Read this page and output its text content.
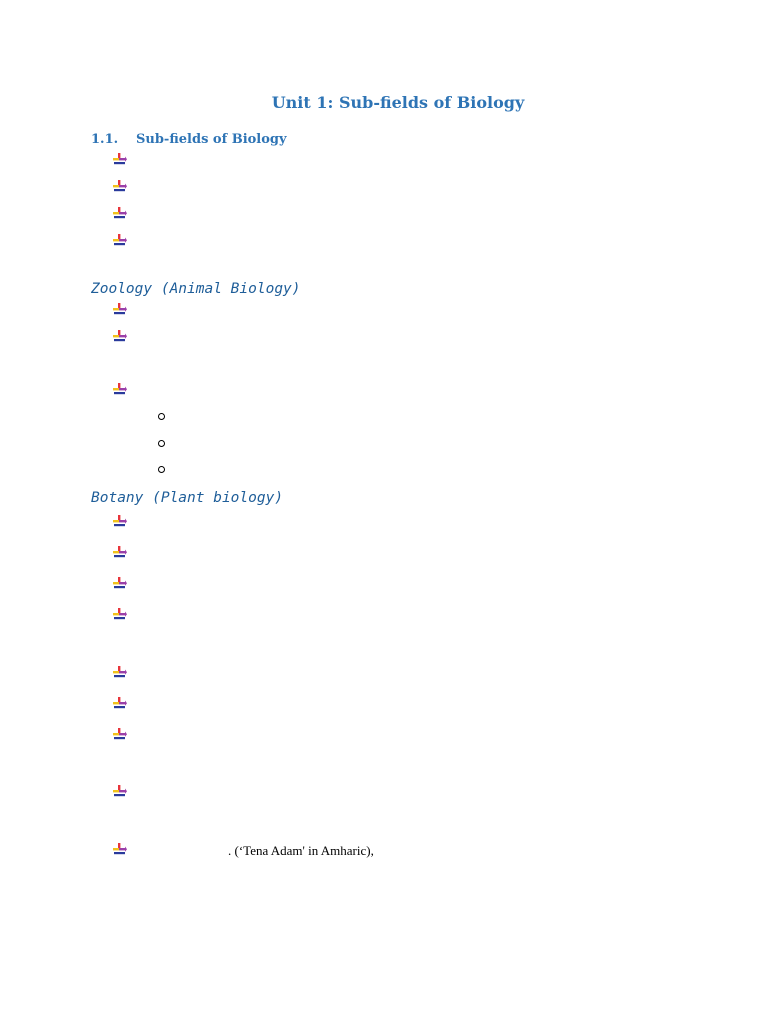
Unit 1: Sub-fields of Biology
1.1. Sub-fields of Biology
Zoology (Animal Biology)
Botany (Plant biology)
. (‘Tena Adam' in Amharic),
